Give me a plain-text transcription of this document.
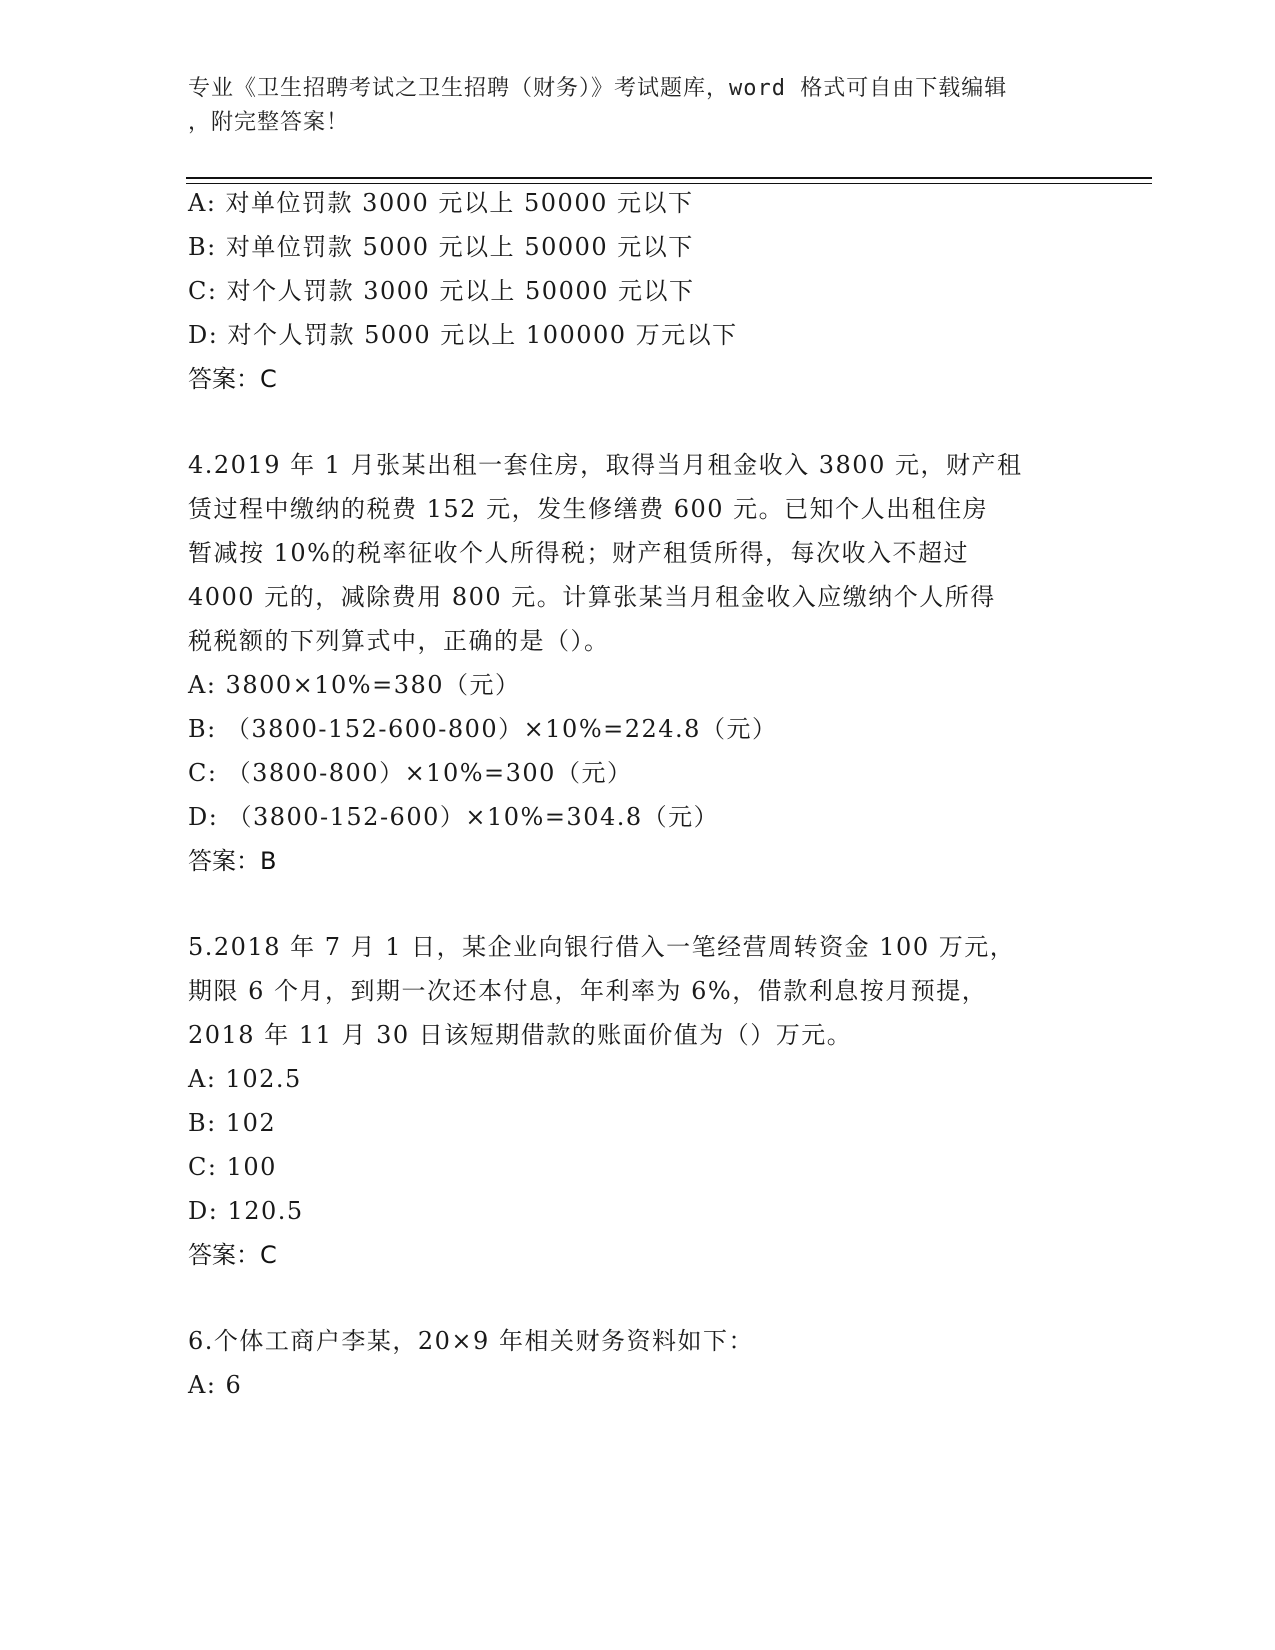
专业《卫生招聘考试之卫生招聘（财务）》考试题库，word 格式可自由下载编辑
，附完整答案！
A: 对单位罚款 3000 元以上 50000 元以下
B: 对单位罚款 5000 元以上 50000 元以下
C: 对个人罚款 3000 元以上 50000 元以下
D: 对个人罚款 5000 元以上 100000 万元以下
答案：C
4.2019 年 1 月张某出租一套住房，取得当月租金收入 3800 元，财产租
赁过程中缴纳的税费 152 元，发生修缮费 600 元。已知个人出租住房
暂减按 10%的税率征收个人所得税；财产租赁所得，每次收入不超过
4000 元的，减除费用 800 元。计算张某当月租金收入应缴纳个人所得
税税额的下列算式中，正确的是（）。
A: 3800×10%=380（元）
B: （3800-152-600-800）×10%=224.8（元）
C: （3800-800）×10%=300（元）
D: （3800-152-600）×10%=304.8（元）
答案：B
5.2018 年 7 月 1 日，某企业向银行借入一笔经营周转资金 100 万元，
期限 6 个月，到期一次还本付息，年利率为 6%，借款利息按月预提，
2018 年 11 月 30 日该短期借款的账面价值为（）万元。
A: 102.5
B: 102
C: 100
D: 120.5
答案：C
6.个体工商户李某，20×9 年相关财务资料如下：
A: 6
